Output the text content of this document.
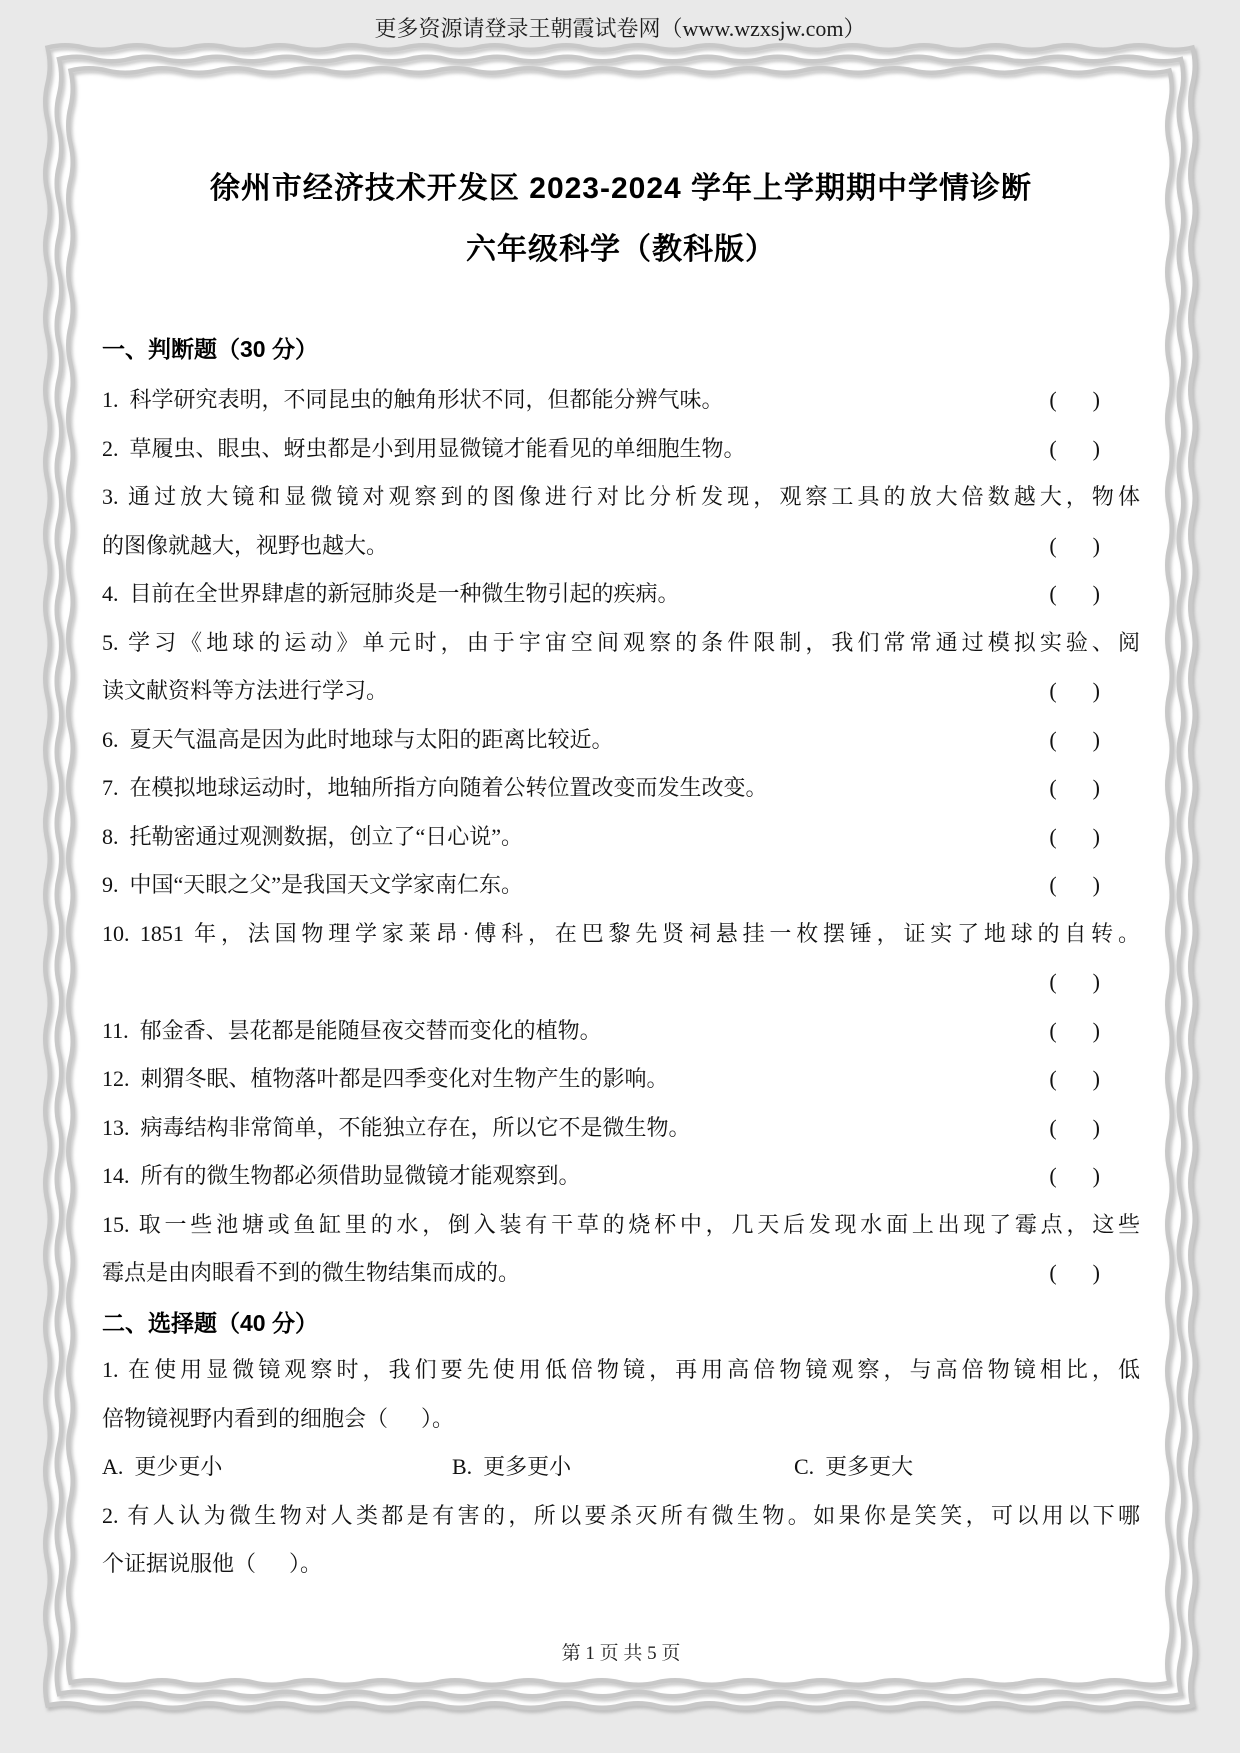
更多资源请登录王朝霞试卷网（www.wzxsjw.com）
徐州市经济技术开发区 2023-2024 学年上学期期中学情诊断
六年级科学（教科版）
一、判断题（30 分）
1.  科学研究表明，不同昆虫的触角形状不同，但都能分辨气味。	( )
2.  草履虫、眼虫、蚜虫都是小到用显微镜才能看见的单细胞生物。	( )
3. 通过放大镜和显微镜对观察到的图像进行对比分析发现，观察工具的放大倍数越大，物体
的图像就越大，视野也越大。	( )
4.  目前在全世界肆虐的新冠肺炎是一种微生物引起的疾病。	( )
5. 学习《地球的运动》单元时，由于宇宙空间观察的条件限制，我们常常通过模拟实验、阅
读文献资料等方法进行学习。	( )
6.  夏天气温高是因为此时地球与太阳的距离比较近。	( )
7.  在模拟地球运动时，地轴所指方向随着公转位置改变而发生改变。	( )
8.  托勒密通过观测数据，创立了“日心说”。	( )
9.  中国“天眼之父”是我国天文学家南仁东。	( )
10. 1851 年，法国物理学家莱昂·傅科，在巴黎先贤祠悬挂一枚摆锤，证实了地球的自转。
( )
11.  郁金香、昙花都是能随昼夜交替而变化的植物。	( )
12.  刺猬冬眠、植物落叶都是四季变化对生物产生的影响。	( )
13.  病毒结构非常简单，不能独立存在，所以它不是微生物。	( )
14.  所有的微生物都必须借助显微镜才能观察到。	( )
15. 取一些池塘或鱼缸里的水，倒入装有干草的烧杯中，几天后发现水面上出现了霉点，这些
霉点是由肉眼看不到的微生物结集而成的。	( )
二、选择题（40 分）
1. 在使用显微镜观察时，我们要先使用低倍物镜，再用高倍物镜观察，与高倍物镜相比，低
倍物镜视野内看到的细胞会（      ）。
A.  更少更小	B.  更多更小	C.  更多更大
2. 有人认为微生物对人类都是有害的，所以要杀灭所有微生物。如果你是笑笑，可以用以下哪
个证据说服他（      ）。
第 1 页 共 5 页
